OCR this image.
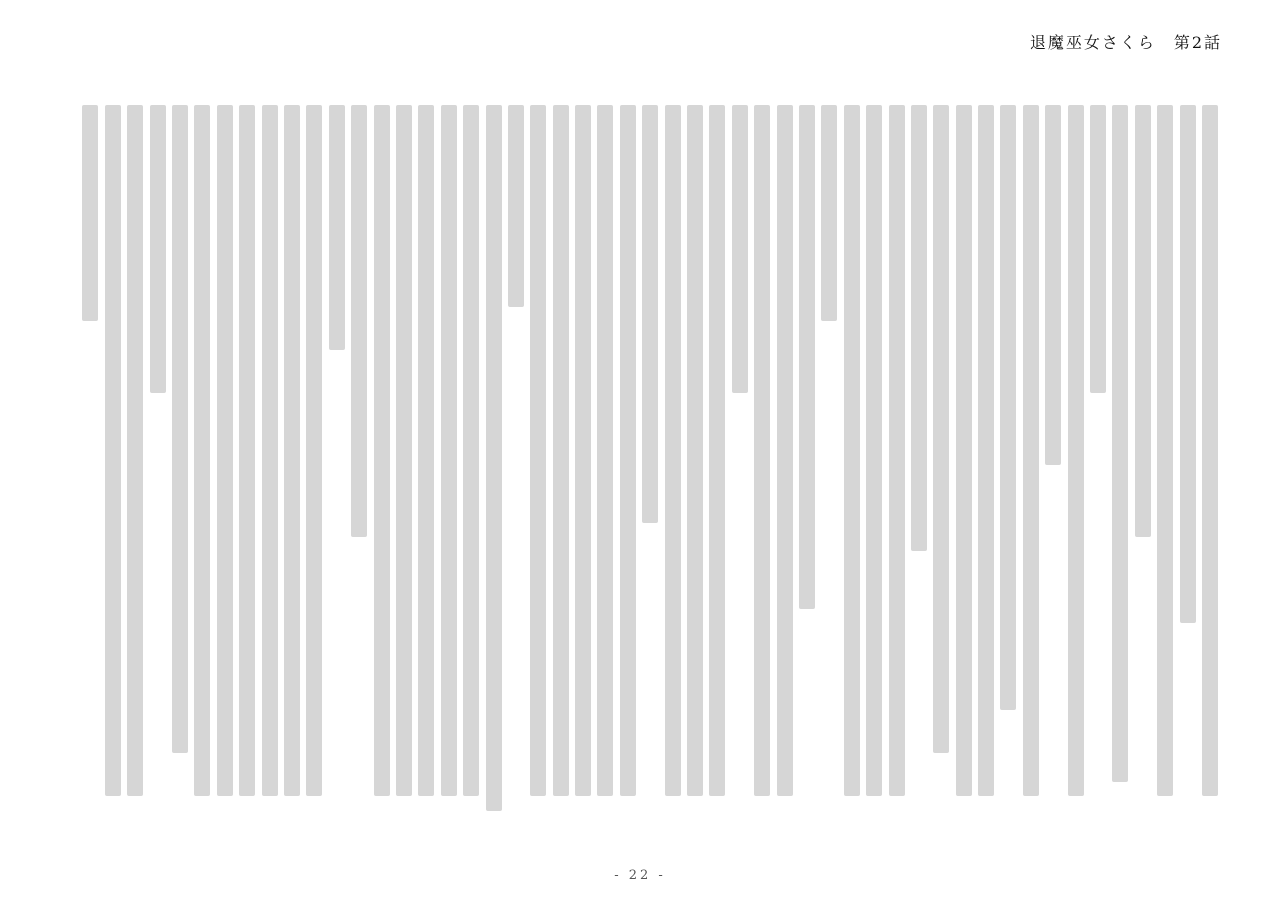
退魔巫女さくら　第2話
- 22 -
